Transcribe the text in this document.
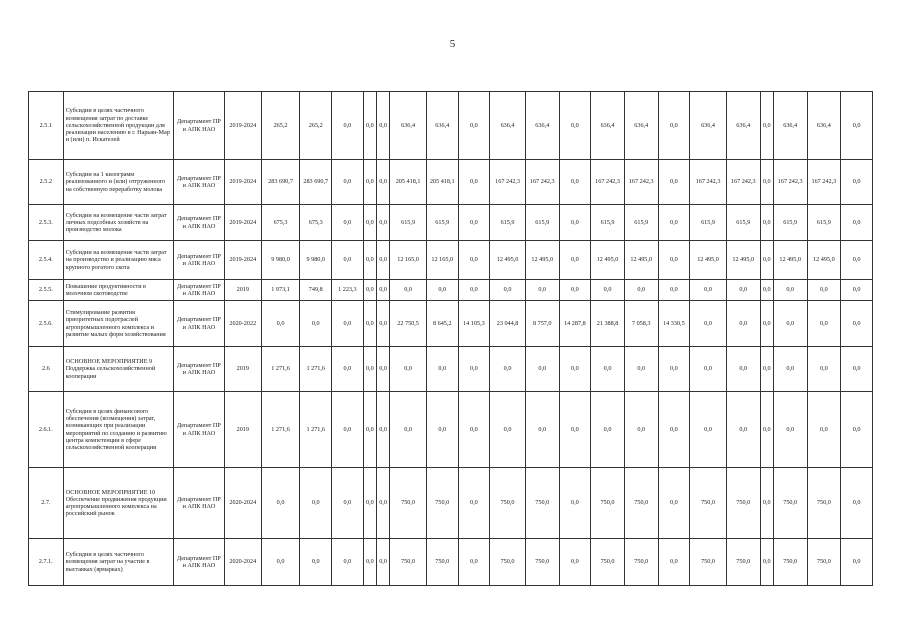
5
2.5.1	Субсидии в целях частичного возмещения затрат по доставке сельскохозяйственной продукции для реализации населению в г. Нарьян-Мар и (или) п. Искателей	Департамент ПР и АПК НАО	2019-2024	265,2	265,2	0,0	0,0	0,0	636,4	636,4	0,0	636,4	636,4	0,0	636,4	636,4	0,0	636,4	636,4	0,0	636,4	636,4	0,0
2.5.2	Субсидии на 1 килограмм реализованного и (или) отгруженного на собственную переработку молока	Департамент ПР и АПК НАО	2019-2024	283 690,7	283 690,7	0,0	0,0	0,0	205 418,1	205 418,1	0,0	167 242,3	167 242,3	0,0	167 242,3	167 242,3	0,0	167 242,3	167 242,3	0,0	167 242,3	167 242,3	0,0
2.5.3.	Субсидии на возмещение части затрат личных подсобных хозяйств на производство молока	Департамент ПР и АПК НАО	2019-2024	675,3	675,3	0,0	0,0	0,0	615,9	615,9	0,0	615,9	615,9	0,0	615,9	615,9	0,0	615,9	615,9	0,0	615,9	615,9	0,0
2.5.4.	Субсидии на возмещение части затрат на производство и реализацию мяса крупного рогатого скота	Департамент ПР и АПК НАО	2019-2024	9 980,0	9 980,0	0,0	0,0	0,0	12 165,0	12 165,0	0,0	12 495,0	12 495,0	0,0	12 495,0	12 495,0	0,0	12 495,0	12 495,0	0,0	12 495,0	12 495,0	0,0
2.5.5.	Повышение продуктивности в молочном скотоводстве	Департамент ПР и АПК НАО	2019	1 973,1	749,8	1 223,3	0,0	0,0	0,0	0,0	0,0	0,0	0,0	0,0	0,0	0,0	0,0	0,0	0,0	0,0	0,0	0,0	0,0
2.5.6.	Стимулирование развития приоритетных подотраслей агропромышленного комплекса и развитие малых форм хозяйствования	Департамент ПР и АПК НАО	2020-2022	0,0	0,0	0,0	0,0	0,0	22 750,5	8 645,2	14 105,3	23 044,8	8 757,0	14 287,8	21 388,8	7 058,3	14 330,5	0,0	0,0	0,0	0,0	0,0	0,0
2.6	ОСНОВНОЕ МЕРОПРИЯТИЕ 9 Поддержка сельскохозяйственной кооперации	Департамент ПР и АПК НАО	2019	1 271,6	1 271,6	0,0	0,0	0,0	0,0	0,0	0,0	0,0	0,0	0,0	0,0	0,0	0,0	0,0	0,0	0,0	0,0	0,0	0,0
2.6.1.	Субсидии в целях финансового обеспечения (возмещения) затрат, возникающих при реализации мероприятий по созданию и развитию центра компетенции в сфере сельскохозяйственной кооперации	Департамент ПР и АПК НАО	2019	1 271,6	1 271,6	0,0	0,0	0,0	0,0	0,0	0,0	0,0	0,0	0,0	0,0	0,0	0,0	0,0	0,0	0,0	0,0	0,0	0,0
2.7.	ОСНОВНОЕ МЕРОПРИЯТИЕ 10 Обеспечение продвижения продукции агропромышленного комплекса на российский рынок	Департамент ПР и АПК НАО	2020-2024	0,0	0,0	0,0	0,0	0,0	750,0	750,0	0,0	750,0	750,0	0,0	750,0	750,0	0,0	750,0	750,0	0,0	750,0	750,0	0,0
2.7.1.	Субсидии в целях частичного возмещения затрат на участие в выставках (ярмарках)	Департамент ПР и АПК НАО	2020-2024	0,0	0,0	0,0	0,0	0,0	750,0	750,0	0,0	750,0	750,0	0,0	750,0	750,0	0,0	750,0	750,0	0,0	750,0	750,0	0,0
